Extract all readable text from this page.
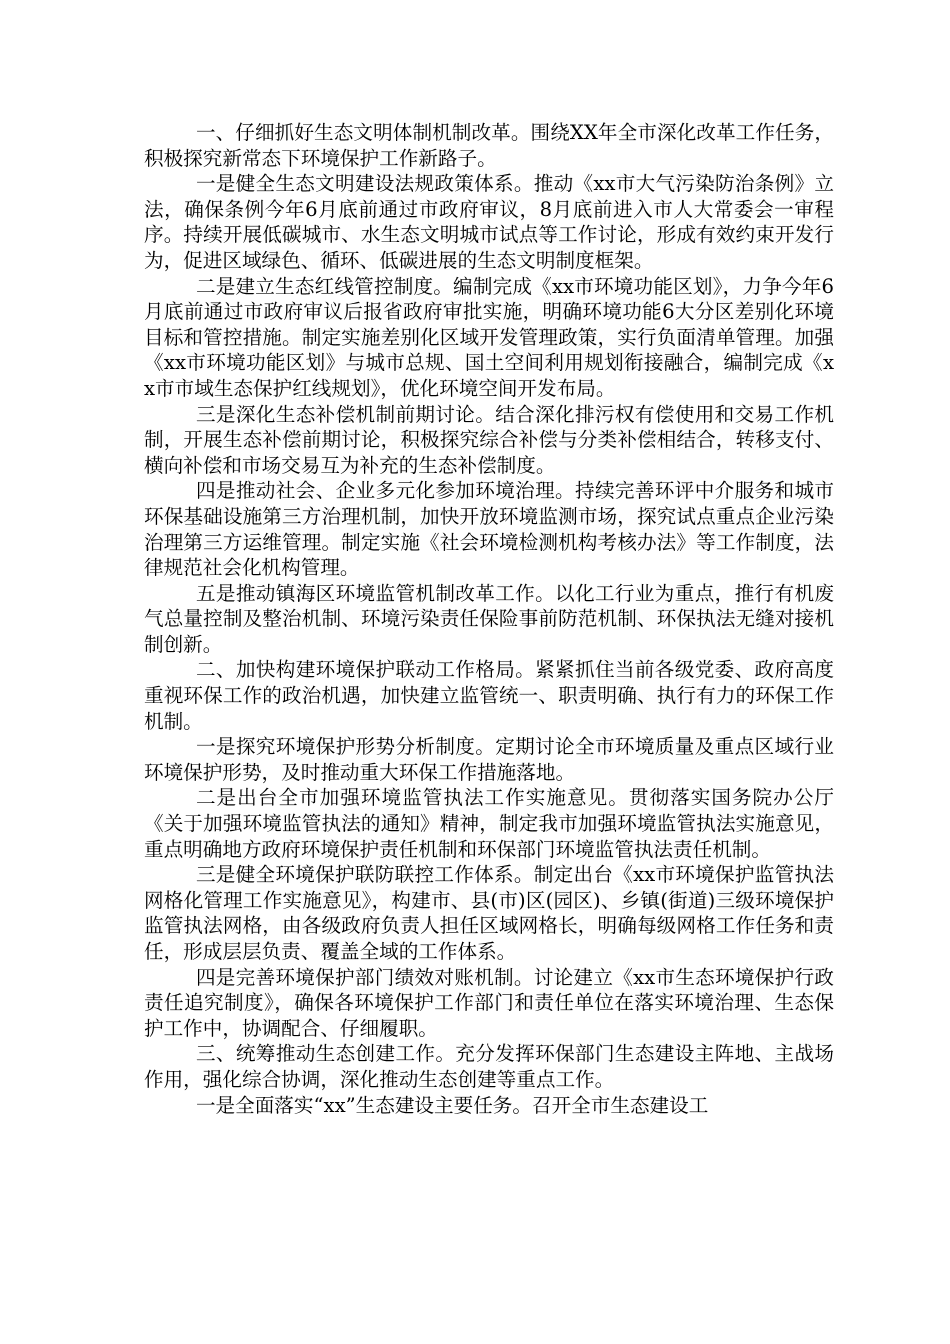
一、仔细抓好生态文明体制机制改革。围绕XX年全市深化改革工作任务，积极探究新常态下环境保护工作新路子。

一是健全生态文明建设法规政策体系。推动《xx市大气污染防治条例》立法，确保条例今年6月底前通过市政府审议，8月底前进入市人大常委会一审程序。持续开展低碳城市、水生态文明城市试点等工作讨论，形成有效约束开发行为，促进区域绿色、循环、低碳进展的生态文明制度框架。

二是建立生态红线管控制度。编制完成《xx市环境功能区划》，力争今年6月底前通过市政府审议后报省政府审批实施，明确环境功能6大分区差别化环境目标和管控措施。制定实施差别化区域开发管理政策，实行负面清单管理。加强《xx市环境功能区划》与城市总规、国土空间利用规划衔接融合，编制完成《xx市市域生态保护红线规划》，优化环境空间开发布局。

三是深化生态补偿机制前期讨论。结合深化排污权有偿使用和交易工作机制，开展生态补偿前期讨论，积极探究综合补偿与分类补偿相结合，转移支付、横向补偿和市场交易互为补充的生态补偿制度。

四是推动社会、企业多元化参加环境治理。持续完善环评中介服务和城市环保基础设施第三方治理机制，加快开放环境监测市场，探究试点重点企业污染治理第三方运维管理。制定实施《社会环境检测机构考核办法》等工作制度，法律规范社会化机构管理。

五是推动镇海区环境监管机制改革工作。以化工行业为重点，推行有机废气总量控制及整治机制、环境污染责任保险事前防范机制、环保执法无缝对接机制创新。

二、加快构建环境保护联动工作格局。紧紧抓住当前各级党委、政府高度重视环保工作的政治机遇，加快建立监管统一、职责明确、执行有力的环保工作机制。

一是探究环境保护形势分析制度。定期讨论全市环境质量及重点区域行业环境保护形势，及时推动重大环保工作措施落地。

二是出台全市加强环境监管执法工作实施意见。贯彻落实国务院办公厅《关于加强环境监管执法的通知》精神，制定我市加强环境监管执法实施意见，重点明确地方政府环境保护责任机制和环保部门环境监管执法责任机制。

三是健全环境保护联防联控工作体系。制定出台《xx市环境保护监管执法网格化管理工作实施意见》，构建市、县(市)区(园区)、乡镇(街道)三级环境保护监管执法网格，由各级政府负责人担任区域网格长，明确每级网格工作任务和责任，形成层层负责、覆盖全域的工作体系。

四是完善环境保护部门绩效对账机制。讨论建立《xx市生态环境保护行政责任追究制度》，确保各环境保护工作部门和责任单位在落实环境治理、生态保护工作中，协调配合、仔细履职。

三、统筹推动生态创建工作。充分发挥环保部门生态建设主阵地、主战场作用，强化综合协调，深化推动生态创建等重点工作。

一是全面落实“xx”生态建设主要任务。召开全市生态建设工
